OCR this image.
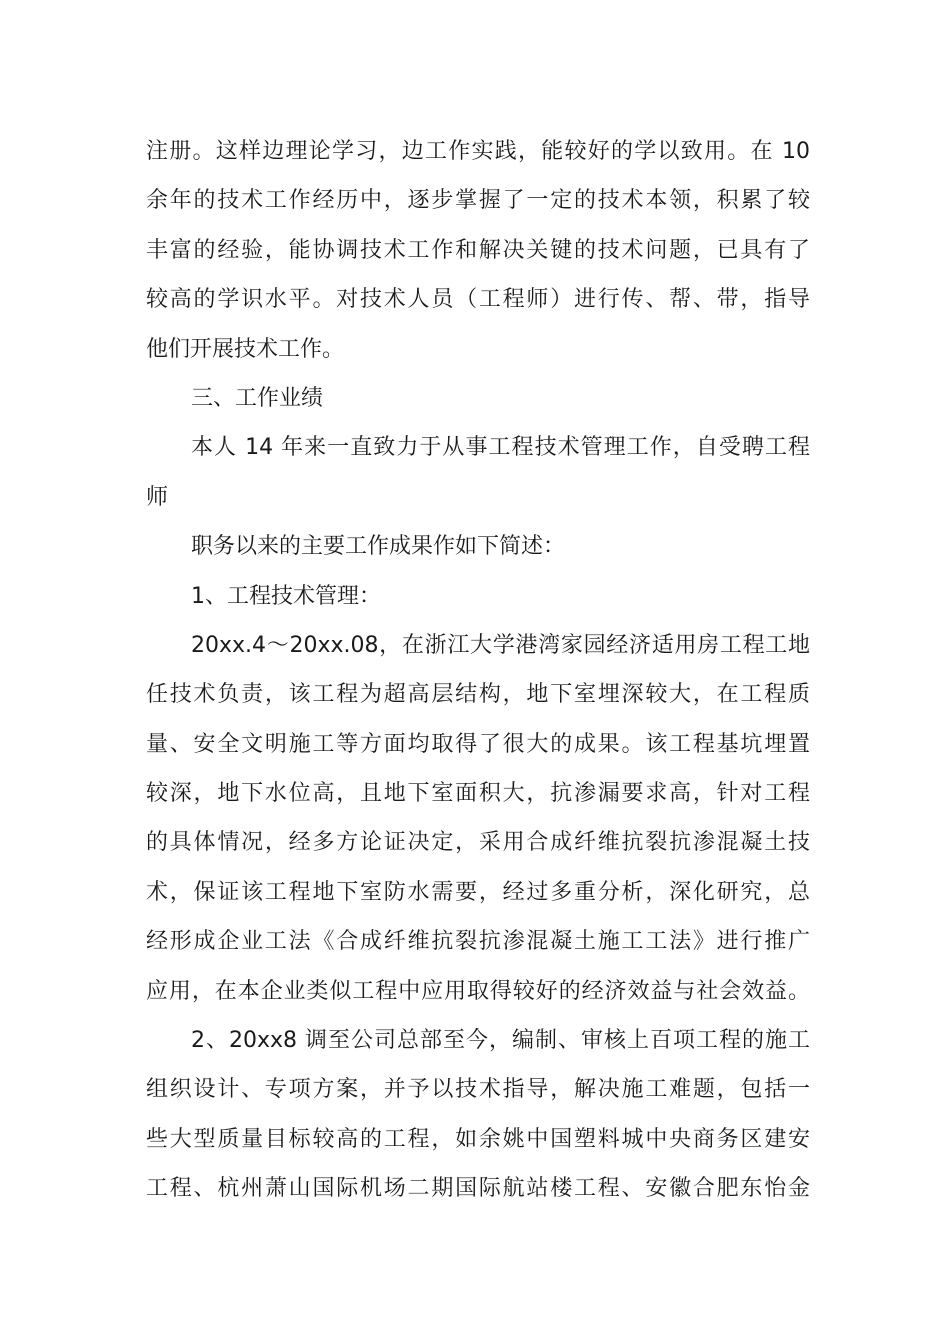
注册。这样边理论学习，边工作实践，能较好的学以致用。在 10
余年的技术工作经历中，逐步掌握了一定的技术本领，积累了较
丰富的经验，能协调技术工作和解决关键的技术问题，已具有了
较高的学识水平。对技术人员（工程师）进行传、帮、带，指导
他们开展技术工作。
三、工作业绩
本人 14 年来一直致力于从事工程技术管理工作，自受聘工程
师
职务以来的主要工作成果作如下简述：
1、工程技术管理：
20xx.4～20xx.08，在浙江大学港湾家园经济适用房工程工地
任技术负责，该工程为超高层结构，地下室埋深较大，在工程质
量、安全文明施工等方面均取得了很大的成果。该工程基坑埋置
较深，地下水位高，且地下室面积大，抗渗漏要求高，针对工程
的具体情况，经多方论证决定，采用合成纤维抗裂抗渗混凝土技
术，保证该工程地下室防水需要，经过多重分析，深化研究，总
经形成企业工法《合成纤维抗裂抗渗混凝土施工工法》进行推广
应用，在本企业类似工程中应用取得较好的经济效益与社会效益。
2、20xx8 调至公司总部至今，编制、审核上百项工程的施工
组织设计、专项方案，并予以技术指导，解决施工难题，包括一
些大型质量目标较高的工程，如余姚中国塑料城中央商务区建安
工程、杭州萧山国际机场二期国际航站楼工程、安徽合肥东怡金
